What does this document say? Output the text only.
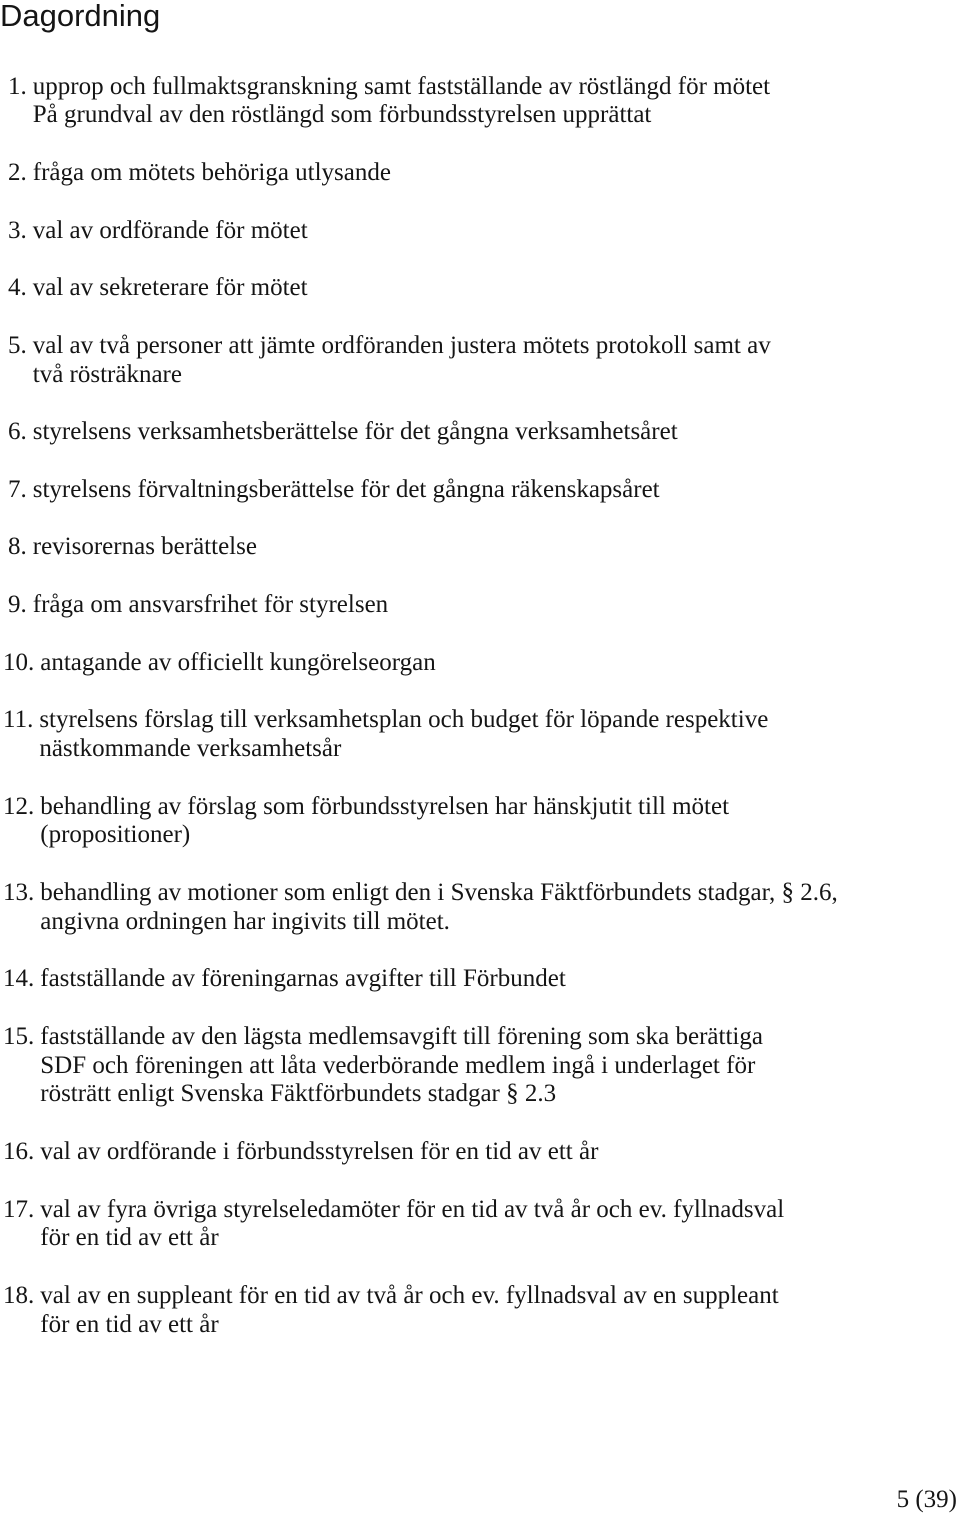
Dagordning
1. upprop och fullmaktsgranskning samt fastställande av röstlängd för mötet
På grundval av den röstlängd som förbundsstyrelsen upprättat
2. fråga om mötets behöriga utlysande
3. val av ordförande för mötet
4. val av sekreterare för mötet
5. val av två personer att jämte ordföranden justera mötets protokoll samt av
två rösträknare
6. styrelsens verksamhetsberättelse för det gångna verksamhetsåret
7. styrelsens förvaltningsberättelse för det gångna räkenskapsåret
8. revisorernas berättelse
9. fråga om ansvarsfrihet för styrelsen
10. antagande av officiellt kungörelseorgan
11. styrelsens förslag till verksamhetsplan och budget för löpande respektive
nästkommande verksamhetsår
12. behandling av förslag som förbundsstyrelsen har hänskjutit till mötet
(propositioner)
13. behandling av motioner som enligt den i Svenska Fäktförbundets stadgar, § 2.6,
angivna ordningen har ingivits till mötet.
14. fastställande av föreningarnas avgifter till Förbundet
15. fastställande av den lägsta medlemsavgift till förening som ska berättiga
SDF och föreningen att låta vederbörande medlem ingå i underlaget för
rösträtt enligt Svenska Fäktförbundets stadgar § 2.3
16. val av ordförande i förbundsstyrelsen för en tid av ett år
17. val av fyra övriga styrelseledamöter för en tid av två år och ev. fyllnadsval
för en tid av ett år
18. val av en suppleant för en tid av två år och ev. fyllnadsval av en suppleant
för en tid av ett år
5 (39)
